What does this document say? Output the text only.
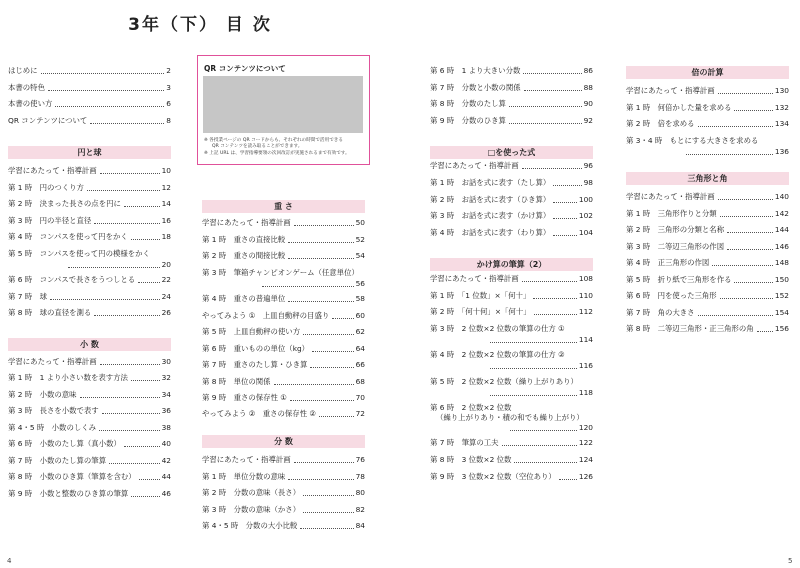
3年（下） 目 次
はじめに	2
本書の特色	3
本書の使い方	6
QR コンテンツについて	8
円と球
学習にあたって・指導計画	10
第 1 時　円のつくり方	12
第 2 時　決まった長さの点を円に	14
第 3 時　円の半径と直径	16
第 4 時　コンパスを使って円をかく	18
第 5 時　コンパスを使って円の模様をかく
20
第 6 時　コンパスで長さをうつしとる	22
第 7 時　球	24
第 8 時　球の直径を測る	26
小 数
学習にあたって・指導計画	30
第 1 時　1 より小さい数を表す方法	32
第 2 時　小数の意味	34
第 3 時　長さを小数で表す	36
第 4・5 時　小数のしくみ	38
第 6 時　小数のたし算（真小数）	40
第 7 時　小数のたし算の筆算	42
第 8 時　小数のひき算（筆算を含む）	44
第 9 時　小数と整数のひき算の筆算	46
重 さ
学習にあたって・指導計画	50
第 1 時　重さの直接比較	52
第 2 時　重さの間接比較	54
第 3 時　筆箱チャンピオンゲーム（任意単位）
56
第 4 時　重さの普遍単位	58
やってみよう ①　上皿自動秤の目盛り	60
第 5 時　上皿自動秤の使い方	62
第 6 時　重いものの単位（kg）	64
第 7 時　重さのたし算・ひき算	66
第 8 時　単位の関係	68
第 9 時　重さの保存性 ①	70
やってみよう ②　重さの保存性 ②	72
分 数
学習にあたって・指導計画	76
第 1 時　単位分数の意味	78
第 2 時　分数の意味（長さ）	80
第 3 時　分数の意味（かさ）	82
第 4・5 時　分数の大小比較	84
第 6 時　1 より大きい分数	86
第 7 時　分数と小数の関係	88
第 8 時　分数のたし算	90
第 9 時　分数のひき算	92
□を使った式
学習にあたって・指導計画	96
第 1 時　お話を式に表す（たし算）	98
第 2 時　お話を式に表す（ひき算）	100
第 3 時　お話を式に表す（かけ算）	102
第 4 時　お話を式に表す（わり算）	104
かけ算の筆算（2）
学習にあたって・指導計画	108
第 1 時　「1 位数」×「何十」	110
第 2 時　「何十何」×「何十」	112
第 3 時　2 位数×2 位数の筆算の仕方 ①
114
第 4 時　2 位数×2 位数の筆算の仕方 ②
116
第 5 時　2 位数×2 位数（繰り上がりあり）
118
第 6 時　2 位数×2 位数
（繰り上がりあり・積の和でも繰り上がり）
120
第 7 時　筆算の工夫	122
第 8 時　3 位数×2 位数	124
第 9 時　3 位数×2 位数（空位あり）	126
倍の計算
学習にあたって・指導計画	130
第 1 時　何倍かした量を求める	132
第 2 時　倍を求める	134
第 3・4 時　もとにする大きさを求める
136
三角形と角
学習にあたって・指導計画	140
第 1 時　三角形作りと分類	142
第 2 時　三角形の分類と名称	144
第 3 時　二等辺三角形の作図	146
第 4 時　正三角形の作図	148
第 5 時　折り紙で三角形を作る	150
第 6 時　円を使った三角形	152
第 7 時　角の大きさ	154
第 8 時　二等辺三角形・正三角形の角	156
QR コンテンツについて
※ 各授業ページの QR コードからも、それぞれの時間で活用できる
QR コンテンツを読み取ることができます。
※ 上記 URL は、学習指導要領の次回改訂が実施されるまで有効です。
4	5
